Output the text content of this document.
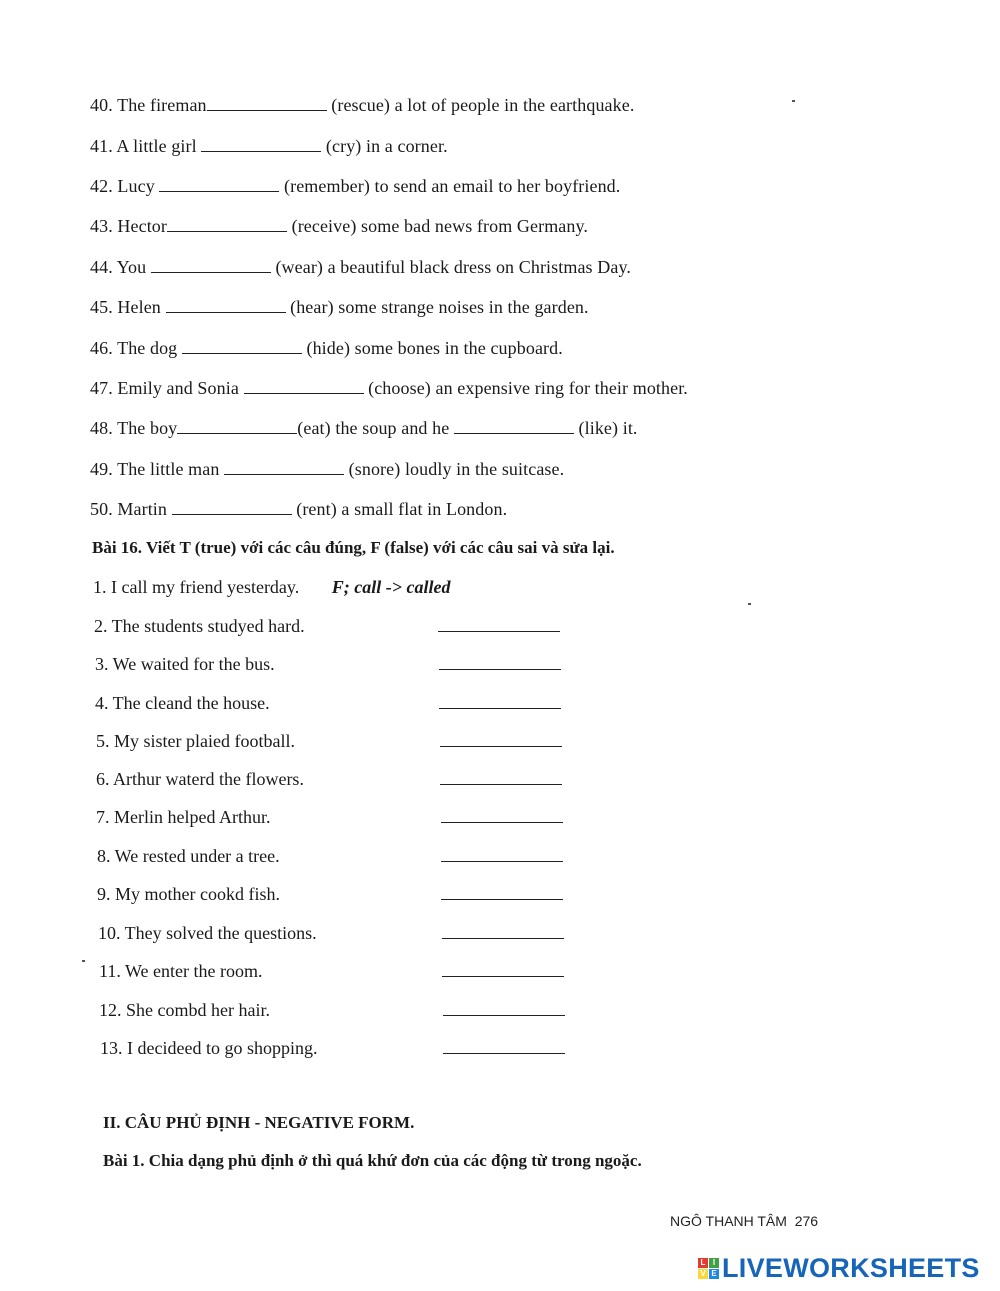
40. The fireman	(rescue) a lot of people in the earthquake.
41. A little girl	(cry) in a corner.
42. Lucy	(remember) to send an email to her boyfriend.
43. Hector	(receive) some bad news from Germany.
44. You	(wear) a beautiful black dress on Christmas Day.
45. Helen	(hear) some strange noises in the garden.
46. The dog	(hide) some bones in the cupboard.
47. Emily and Sonia	(choose) an expensive ring for their mother.
48. The boy	(eat) the soup and he	(like) it.
49. The little man	(snore) loudly in the suitcase.
50. Martin	(rent) a small flat in London.
Bài 16. Viết T (true) với các câu đúng, F (false) với các câu sai và sửa lại.
1. I call my friend yesterday. F; call -> called
2. The students studyed hard.
3. We waited for the bus.
4. The cleand the house.
5. My sister plaied football.
6. Arthur waterd the flowers.
7. Merlin helped Arthur.
8. We rested under a tree.
9. My mother cookd fish.
10. They solved the questions.
11. We enter the room.
12. She combd her hair.
13. I decideed to go shopping.
II. CÂU PHỦ ĐỊNH - NEGATIVE FORM.
Bài 1. Chia dạng phủ định ở thì quá khứ đơn của các động từ trong ngoặc.
NGÔ THANH TÂM 276
L I
V E LIVEWORKSHEETS
